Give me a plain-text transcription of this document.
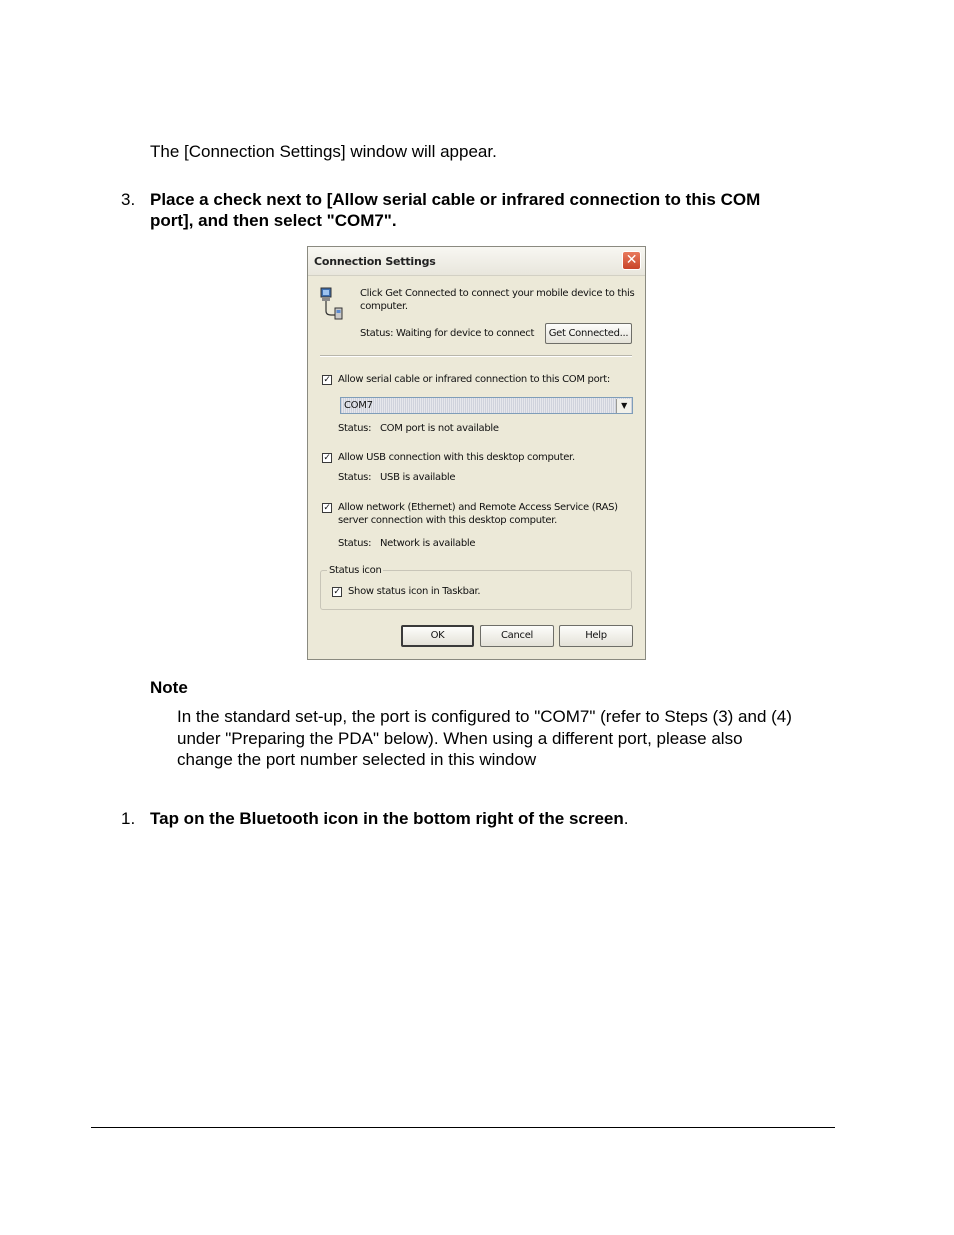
The [Connection Settings] window will appear.
3. Place a check next to [Allow serial cable or infrared connection to this COM
port], and then select "COM7".
Connection Settings	✕
Click Get Connected to connect your mobile device to this
computer.
Status: Waiting for device to connect	Get Connected...
✓ Allow serial cable or infrared connection to this COM port:
COM7	▼
Status: COM port is not available
✓ Allow USB connection with this desktop computer.
Status: USB is available
✓ Allow network (Ethernet) and Remote Access Service (RAS)
server connection with this desktop computer.
Status: Network is available
Status icon
✓ Show status icon in Taskbar.
OK	Cancel	Help
Note
In the standard set-up, the port is configured to "COM7" (refer to Steps (3) and (4)
under "Preparing the PDA" below). When using a different port, please also
change the port number selected in this window
1. Tap on the Bluetooth icon in the bottom right of the screen.
